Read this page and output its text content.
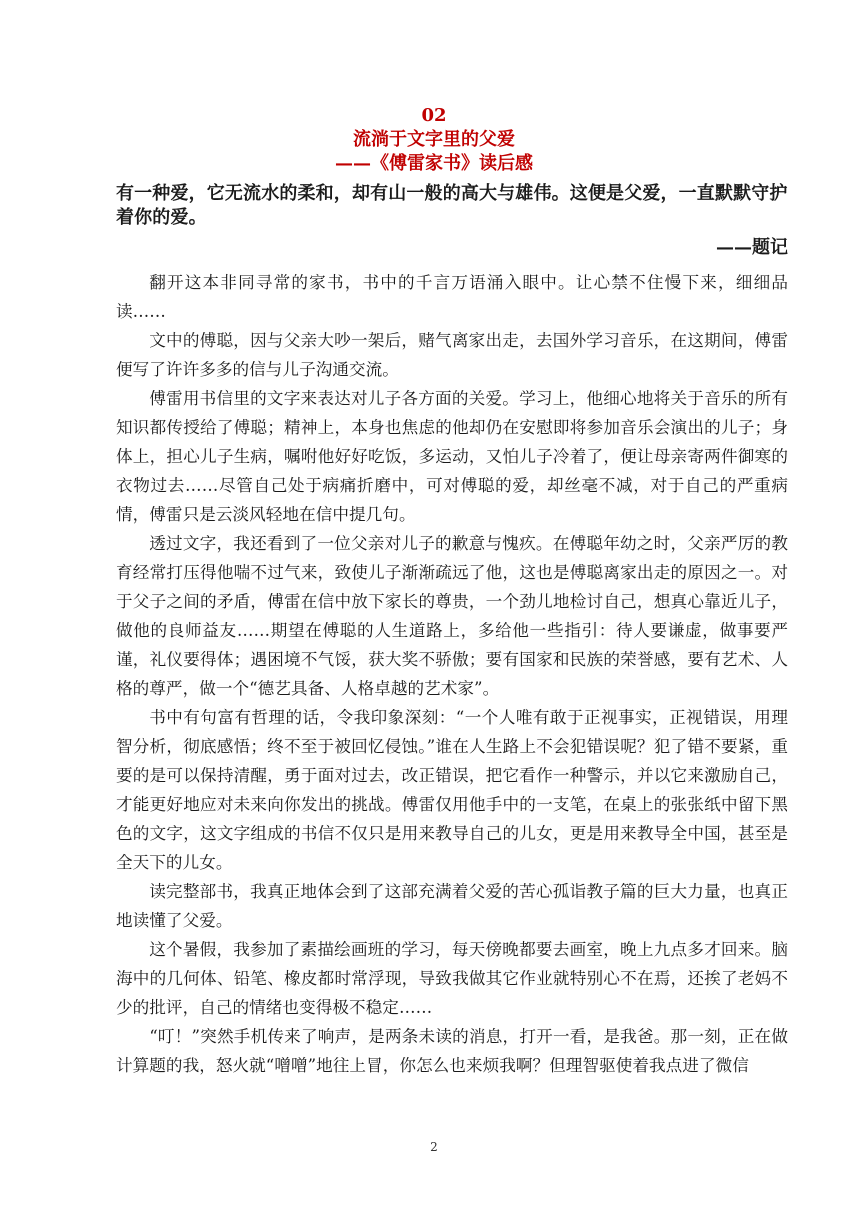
02
流淌于文字里的父爱
——《傅雷家书》读后感
有一种爱，它无流水的柔和，却有山一般的高大与雄伟。这便是父爱，一直默默守护着你的爱。
——题记

翻开这本非同寻常的家书，书中的千言万语涌入眼中。让心禁不住慢下来，细细品读……

文中的傅聪，因与父亲大吵一架后，赌气离家出走，去国外学习音乐，在这期间，傅雷便写了许许多多的信与儿子沟通交流。

傅雷用书信里的文字来表达对儿子各方面的关爱。学习上，他细心地将关于音乐的所有知识都传授给了傅聪；精神上，本身也焦虑的他却仍在安慰即将参加音乐会演出的儿子；身体上，担心儿子生病，嘱咐他好好吃饭，多运动，又怕儿子冷着了，便让母亲寄两件御寒的衣物过去……尽管自己处于病痛折磨中，可对傅聪的爱，却丝毫不减，对于自己的严重病情，傅雷只是云淡风轻地在信中提几句。

透过文字，我还看到了一位父亲对儿子的歉意与愧疚。在傅聪年幼之时，父亲严厉的教育经常打压得他喘不过气来，致使儿子渐渐疏远了他，这也是傅聪离家出走的原因之一。对于父子之间的矛盾，傅雷在信中放下家长的尊贵，一个劲儿地检讨自己，想真心靠近儿子，做他的良师益友……期望在傅聪的人生道路上，多给他一些指引：待人要谦虚，做事要严谨，礼仪要得体；遇困境不气馁，获大奖不骄傲；要有国家和民族的荣誉感，要有艺术、人格的尊严，做一个“德艺具备、人格卓越的艺术家”。

书中有句富有哲理的话，令我印象深刻：“一个人唯有敢于正视事实，正视错误，用理智分析，彻底感悟；终不至于被回忆侵蚀。”谁在人生路上不会犯错误呢？犯了错不要紧，重要的是可以保持清醒，勇于面对过去，改正错误，把它看作一种警示，并以它来激励自己，才能更好地应对未来向你发出的挑战。傅雷仅用他手中的一支笔，在桌上的张张纸中留下黑色的文字，这文字组成的书信不仅只是用来教导自己的儿女，更是用来教导全中国，甚至是全天下的儿女。

读完整部书，我真正地体会到了这部充满着父爱的苦心孤诣教子篇的巨大力量，也真正地读懂了父爱。

这个暑假，我参加了素描绘画班的学习，每天傍晚都要去画室，晚上九点多才回来。脑海中的几何体、铅笔、橡皮都时常浮现，导致我做其它作业就特别心不在焉，还挨了老妈不少的批评，自己的情绪也变得极不稳定……

“叮！”突然手机传来了响声，是两条未读的消息，打开一看，是我爸。那一刻，正在做计算题的我，怒火就“噌噌”地往上冒，你怎么也来烦我啊？但理智驱使着我点进了微信

2
